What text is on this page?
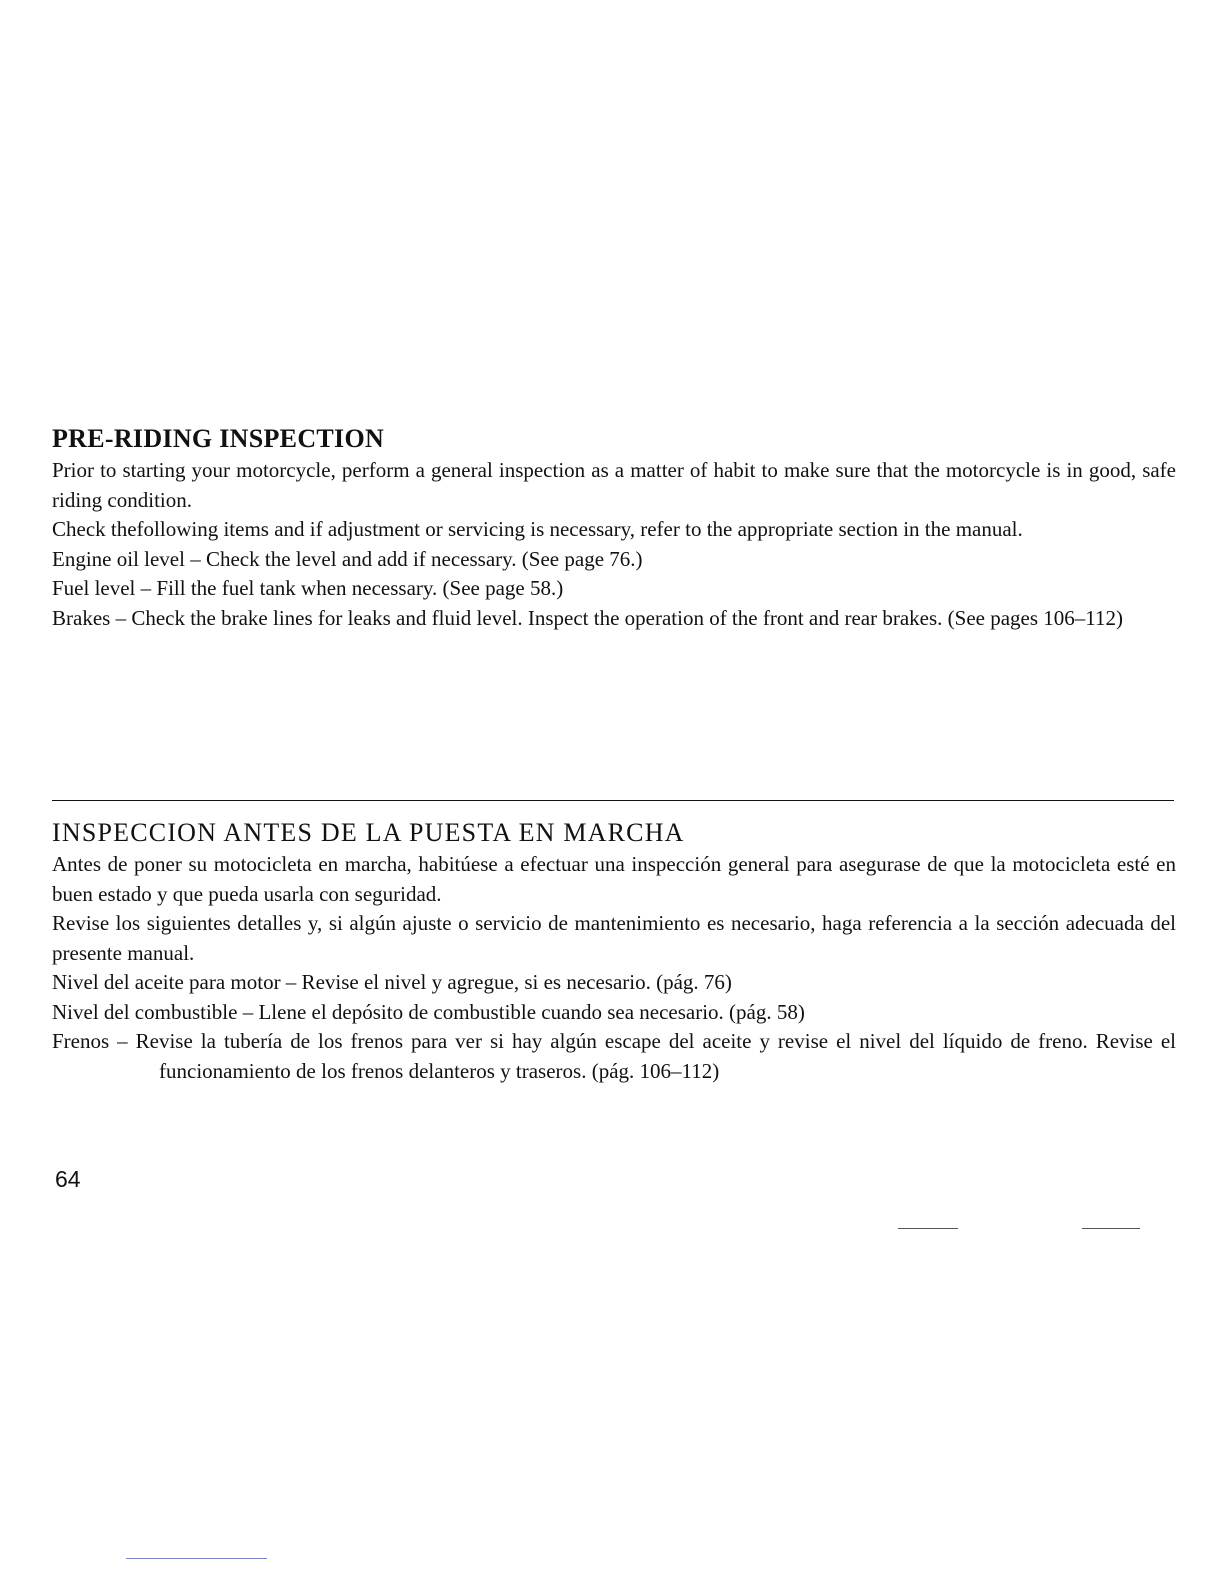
PRE-RIDING INSPECTION

Prior to starting your motorcycle, perform a general inspection as a matter of habit to make sure that the motorcycle is in good, safe riding condition.

Check thefollowing items and if adjustment or servicing is necessary, refer to the appropriate section in the manual.

Engine oil level – Check the level and add if necessary. (See page 76.)

Fuel level – Fill the fuel tank when necessary. (See page 58.)

Brakes – Check the brake lines for leaks and fluid level. Inspect the operation of the front and rear brakes. (See pages 106–112)

INSPECCION ANTES DE LA PUESTA EN MARCHA

Antes de poner su motocicleta en marcha, habitúese a efectuar una inspección general para asegurase de que la motocicleta esté en buen estado y que pueda usarla con seguridad.

Revise los siguientes detalles y, si algún ajuste o servicio de mantenimiento es necesario, haga referencia a la sección adecuada del presente manual.

Nivel del aceite para motor – Revise el nivel y agregue, si es necesario. (pág. 76)

Nivel del combustible – Llene el depósito de combustible cuando sea necesario. (pág. 58)

Frenos – Revise la tubería de los frenos para ver si hay algún escape del aceite y revise el nivel del líquido de freno. Revise el funcionamiento de los frenos delanteros y traseros. (pág. 106–112)

64
